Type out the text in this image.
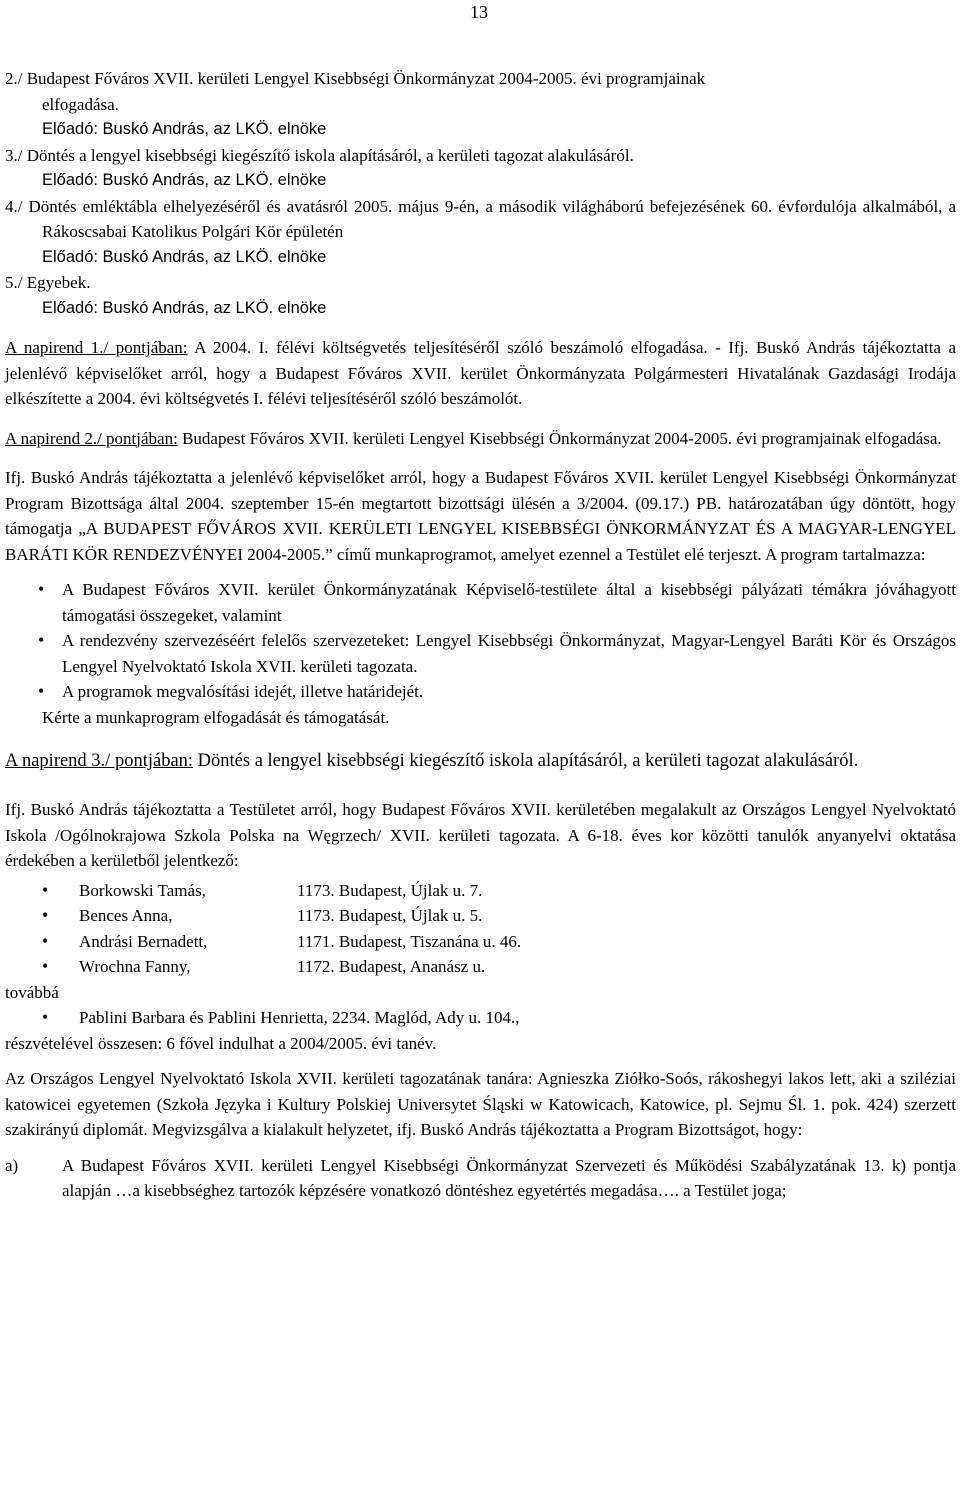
13

2./ Budapest Főváros XVII. kerületi Lengyel Kisebbségi Önkormányzat 2004-2005. évi programjainak

elfogadása.

Előadó: Buskó András, az LKÖ. elnöke

3./ Döntés a lengyel kisebbségi kiegészítő iskola alapításáról, a kerületi tagozat alakulásáról.

Előadó: Buskó András, az LKÖ. elnöke

4./ Döntés emléktábla elhelyezéséről és avatásról 2005. május 9-én, a második világháború befejezésének 60. évfordulója alkalmából, a Rákoscsabai Katolikus Polgári Kör épületén

Előadó: Buskó András, az LKÖ. elnöke

5./ Egyebek.

Előadó: Buskó András, az LKÖ. elnöke

A napirend 1./ pontjában: A 2004. I. félévi költségvetés teljesítéséről szóló beszámoló elfogadása. - Ifj. Buskó András tájékoztatta a jelenlévő képviselőket arról, hogy a Budapest Főváros XVII. kerület Önkormányzata Polgármesteri Hivatalának Gazdasági Irodája elkészítette a 2004. évi költségvetés I. félévi teljesítéséről szóló beszámolót.

A napirend 2./ pontjában: Budapest Főváros XVII. kerületi Lengyel Kisebbségi Önkormányzat 2004-2005. évi programjainak elfogadása.

Ifj. Buskó András tájékoztatta a jelenlévő képviselőket arról, hogy a Budapest Főváros XVII. kerület Lengyel Kisebbségi Önkormányzat Program Bizottsága által 2004. szeptember 15-én megtartott bizottsági ülésén a 3/2004. (09.17.) PB. határozatában úgy döntött, hogy támogatja „A BUDAPEST FŐVÁROS XVII. KERÜLETI LENGYEL KISEBBSÉGI ÖNKORMÁNYZAT ÉS A MAGYAR-LENGYEL BARÁTI KÖR RENDEZVÉNYEI 2004-2005.” című munkaprogramot, amelyet ezennel a Testület elé terjeszt. A program tartalmazza:

• A Budapest Főváros XVII. kerület Önkormányzatának Képviselő-testülete által a kisebbségi pályázati témákra jóváhagyott támogatási összegeket, valamint
• A rendezvény szervezéséért felelős szervezeteket: Lengyel Kisebbségi Önkormányzat, Magyar-Lengyel Baráti Kör és Országos Lengyel Nyelvoktató Iskola XVII. kerületi tagozata.
• A programok megvalósítási idejét, illetve határidejét.

Kérte a munkaprogram elfogadását és támogatását.

A napirend 3./ pontjában: Döntés a lengyel kisebbségi kiegészítő iskola alapításáról, a kerületi tagozat alakulásáról.

Ifj. Buskó András tájékoztatta a Testületet arról, hogy Budapest Főváros XVII. kerületében megalakult az Országos Lengyel Nyelvoktató Iskola /Ogólnokrajowa Szkola Polska na Węgrzech/ XVII. kerületi tagozata. A 6-18. éves kor közötti tanulók anyanyelvi oktatása érdekében a kerületből jelentkező:

• Borkowski Tamás,	1173. Budapest, Újlak u. 7.
• Bences Anna,	1173. Budapest, Újlak u. 5.
• Andrási Bernadett,	1171. Budapest, Tiszanána u. 46.
• Wrochna Fanny,	1172. Budapest, Ananász u.

továbbá

• Pablini Barbara és Pablini Henrietta, 2234. Maglód, Ady u. 104.,

részvételével összesen: 6 fővel indulhat a 2004/2005. évi tanév.

Az Országos Lengyel Nyelvoktató Iskola XVII. kerületi tagozatának tanára: Agnieszka Ziółko-Soós, rákoshegyi lakos lett, aki a sziléziai katowicei egyetemen (Szkoła Języka i Kultury Polskiej Universytet Śląski w Katowicach, Katowice, pl. Sejmu Śl. 1. pok. 424) szerzett szakirányú diplomát. Megvizsgálva a kialakult helyzetet, ifj. Buskó András tájékoztatta a Program Bizottságot, hogy:

a)	A Budapest Főváros XVII. kerületi Lengyel Kisebbségi Önkormányzat Szervezeti és Működési Szabályzatának 13. k) pontja alapján …a kisebbséghez tartozók képzésére vonatkozó döntéshez egyetértés megadása…. a Testület joga;
